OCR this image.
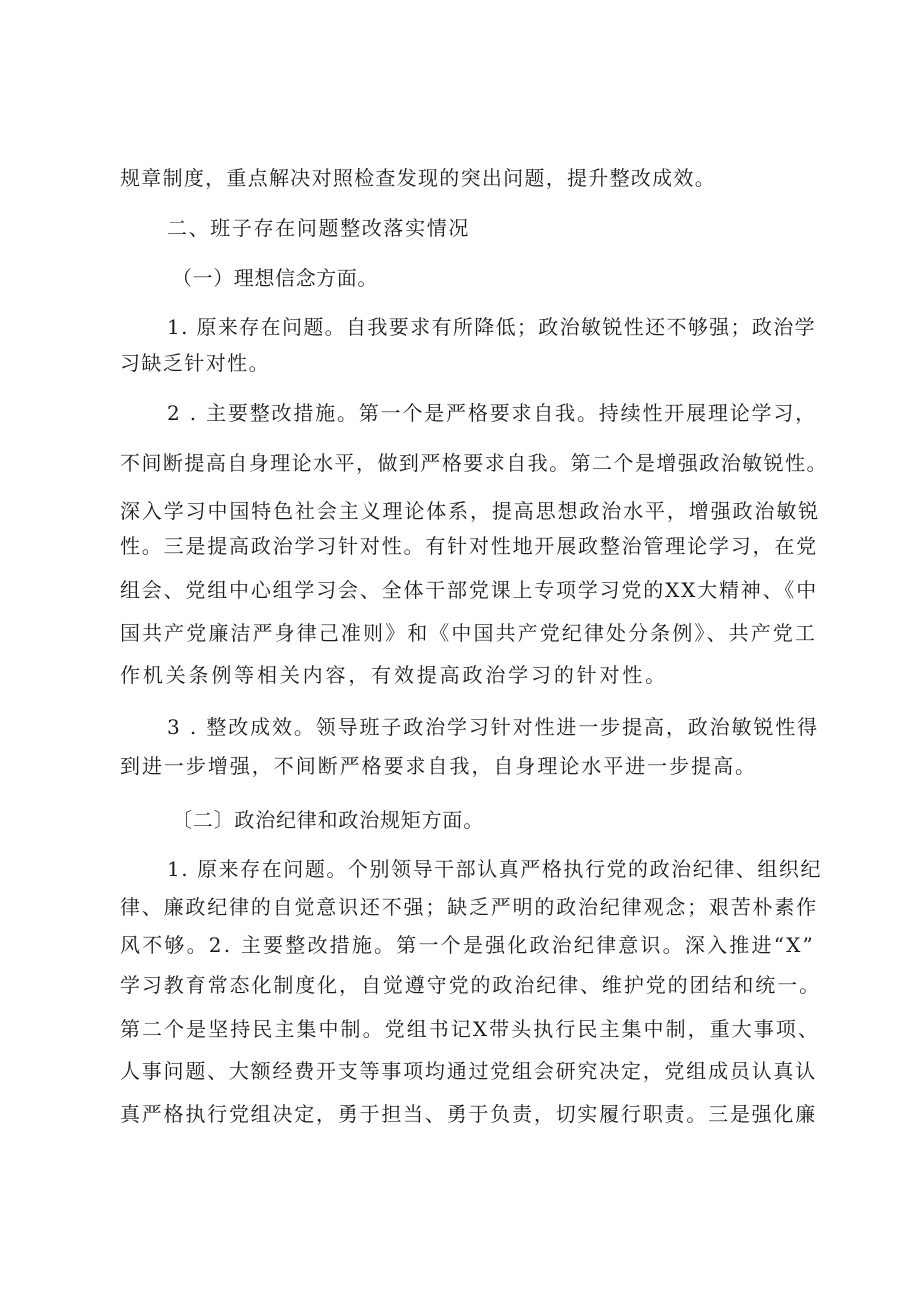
规章制度，重点解决对照检查发现的突出问题，提升整改成效。
二、班子存在问题整改落实情况
（一）理想信念方面。
1. 原来存在问题。自我要求有所降低；政治敏锐性还不够强；政治学
习缺乏针对性。
2 . 主要整改措施。第一个是严格要求自我。持续性开展理论学习，
不间断提高自身理论水平，做到严格要求自我。第二个是增强政治敏锐性。
深入学习中国特色社会主义理论体系，提高思想政治水平，增强政治敏锐
性。三是提高政治学习针对性。有针对性地开展政整治管理论学习，在党
组会、党组中心组学习会、全体干部党课上专项学习党的XX大精神、《中
国共产党廉洁严身律己准则》和《中国共产党纪律处分条例》、共产党工
作机关条例等相关内容，有效提高政治学习的针对性。
3 . 整改成效。领导班子政治学习针对性进一步提高，政治敏锐性得
到进一步增强，不间断严格要求自我，自身理论水平进一步提高。
〔二〕政治纪律和政治规矩方面。
1. 原来存在问题。个别领导干部认真严格执行党的政治纪律、组织纪
律、廉政纪律的自觉意识还不强；缺乏严明的政治纪律观念；艰苦朴素作
风不够。2. 主要整改措施。第一个是强化政治纪律意识。深入推进“X”
学习教育常态化制度化，自觉遵守党的政治纪律、维护党的团结和统一。
第二个是坚持民主集中制。党组书记X带头执行民主集中制，重大事项、
人事问题、大额经费开支等事项均通过党组会研究决定，党组成员认真认
真严格执行党组决定，勇于担当、勇于负责，切实履行职责。三是强化廉
